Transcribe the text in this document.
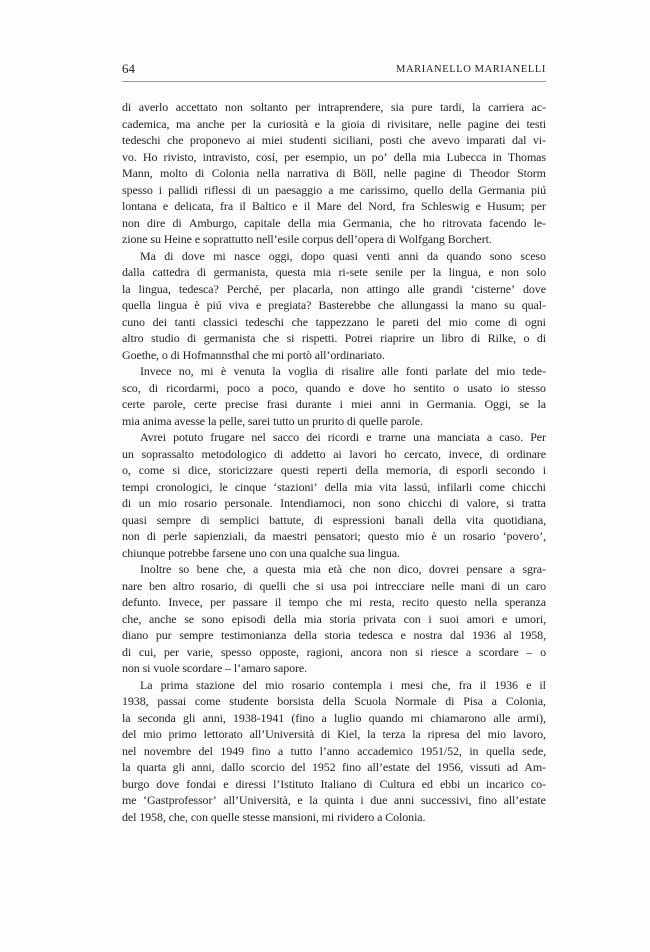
64	MARIANELLO MARIANELLI
di averlo accettato non soltanto per intraprendere, sia pure tardi, la carriera ac-
cademica, ma anche per la curiosità e la gioia di rivisitare, nelle pagine dei testi
tedeschi che proponevo ai miei studenti siciliani, posti che avevo imparati dal vi-
vo. Ho rivisto, intravisto, cosí, per esempio, un po’ della mia Lubecca in Thomas
Mann, molto di Colonia nella narrativa di Böll, nelle pagine di Theodor Storm
spesso i pallidi riflessi di un paesaggio a me carissimo, quello della Germania piú
lontana e delicata, fra il Baltico e il Mare del Nord, fra Schleswig e Husum; per
non dire di Amburgo, capitale della mia Germania, che ho ritrovata facendo le-
zione su Heine e soprattutto nell’esile corpus dell’opera di Wolfgang Borchert.
Ma di dove mi nasce oggi, dopo quasi venti anni da quando sono sceso
dalla cattedra di germanista, questa mia ri-sete senile per la lingua, e non solo
la lingua, tedesca? Perché, per placarla, non attingo alle grandi ‘cisterne’ dove
quella lingua è piú viva e pregiata? Basterebbe che allungassi la mano su qual-
cuno dei tanti classici tedeschi che tappezzano le pareti del mio come di ogni
altro studio di germanista che si rispetti. Potrei riaprire un libro di Rilke, o di
Goethe, o di Hofmannsthal che mi portò all’ordinariato.
Invece no, mi è venuta la voglia di risalire alle fonti parlate del mio tede-
sco, di ricordarmi, poco a poco, quando e dove ho sentito o usato io stesso
certe parole, certe precise frasi durante i miei anni in Germania. Oggi, se la
mia anima avesse la pelle, sarei tutto un prurito di quelle parole.
Avrei potuto frugare nel sacco dei ricordi e trarne una manciata a caso. Per
un soprassalto metodologico di addetto ai lavori ho cercato, invece, di ordinare
o, come si dice, storicizzare questi reperti della memoria, di esporli secondo i
tempi cronologici, le cinque ‘stazioni’ della mia vita lassú, infilarli come chicchi
di un mio rosario personale. Intendiamoci, non sono chicchi di valore, si tratta
quasi sempre di semplici battute, di espressioni banali della vita quotidiana,
non di perle sapienziali, da maestri pensatori; questo mio è un rosario ‘povero’,
chiunque potrebbe farsene uno con una qualche sua lingua.
Inoltre so bene che, a questa mia età che non dico, dovrei pensare a sgra-
nare ben altro rosario, di quelli che si usa poi intrecciare nelle mani di un caro
defunto. Invece, per passare il tempo che mi resta, recito questo nella speranza
che, anche se sono episodi della mia storia privata con i suoi amori e umori,
diano pur sempre testimonianza della storia tedesca e nostra dal 1936 al 1958,
di cui, per varie, spesso opposte, ragioni, ancora non si riesce a scordare – o
non si vuole scordare – l’amaro sapore.
La prima stazione del mio rosario contempla i mesi che, fra il 1936 e il
1938, passai come studente borsista della Scuola Normale di Pisa a Colonia,
la seconda gli anni, 1938-1941 (fino a luglio quando mi chiamarono alle armi),
del mio primo lettorato all’Università di Kiel, la terza la ripresa del mio lavoro,
nel novembre del 1949 fino a tutto l’anno accademico 1951/52, in quella sede,
la quarta gli anni, dallo scorcio del 1952 fino all’estate del 1956, vissuti ad Am-
burgo dove fondai e diressi l’Istituto Italiano di Cultura ed ebbi un incarico co-
me ‘Gastprofessor’ all’Università, e la quinta i due anni successivi, fino all’estate
del 1958, che, con quelle stesse mansioni, mi rividero a Colonia.
